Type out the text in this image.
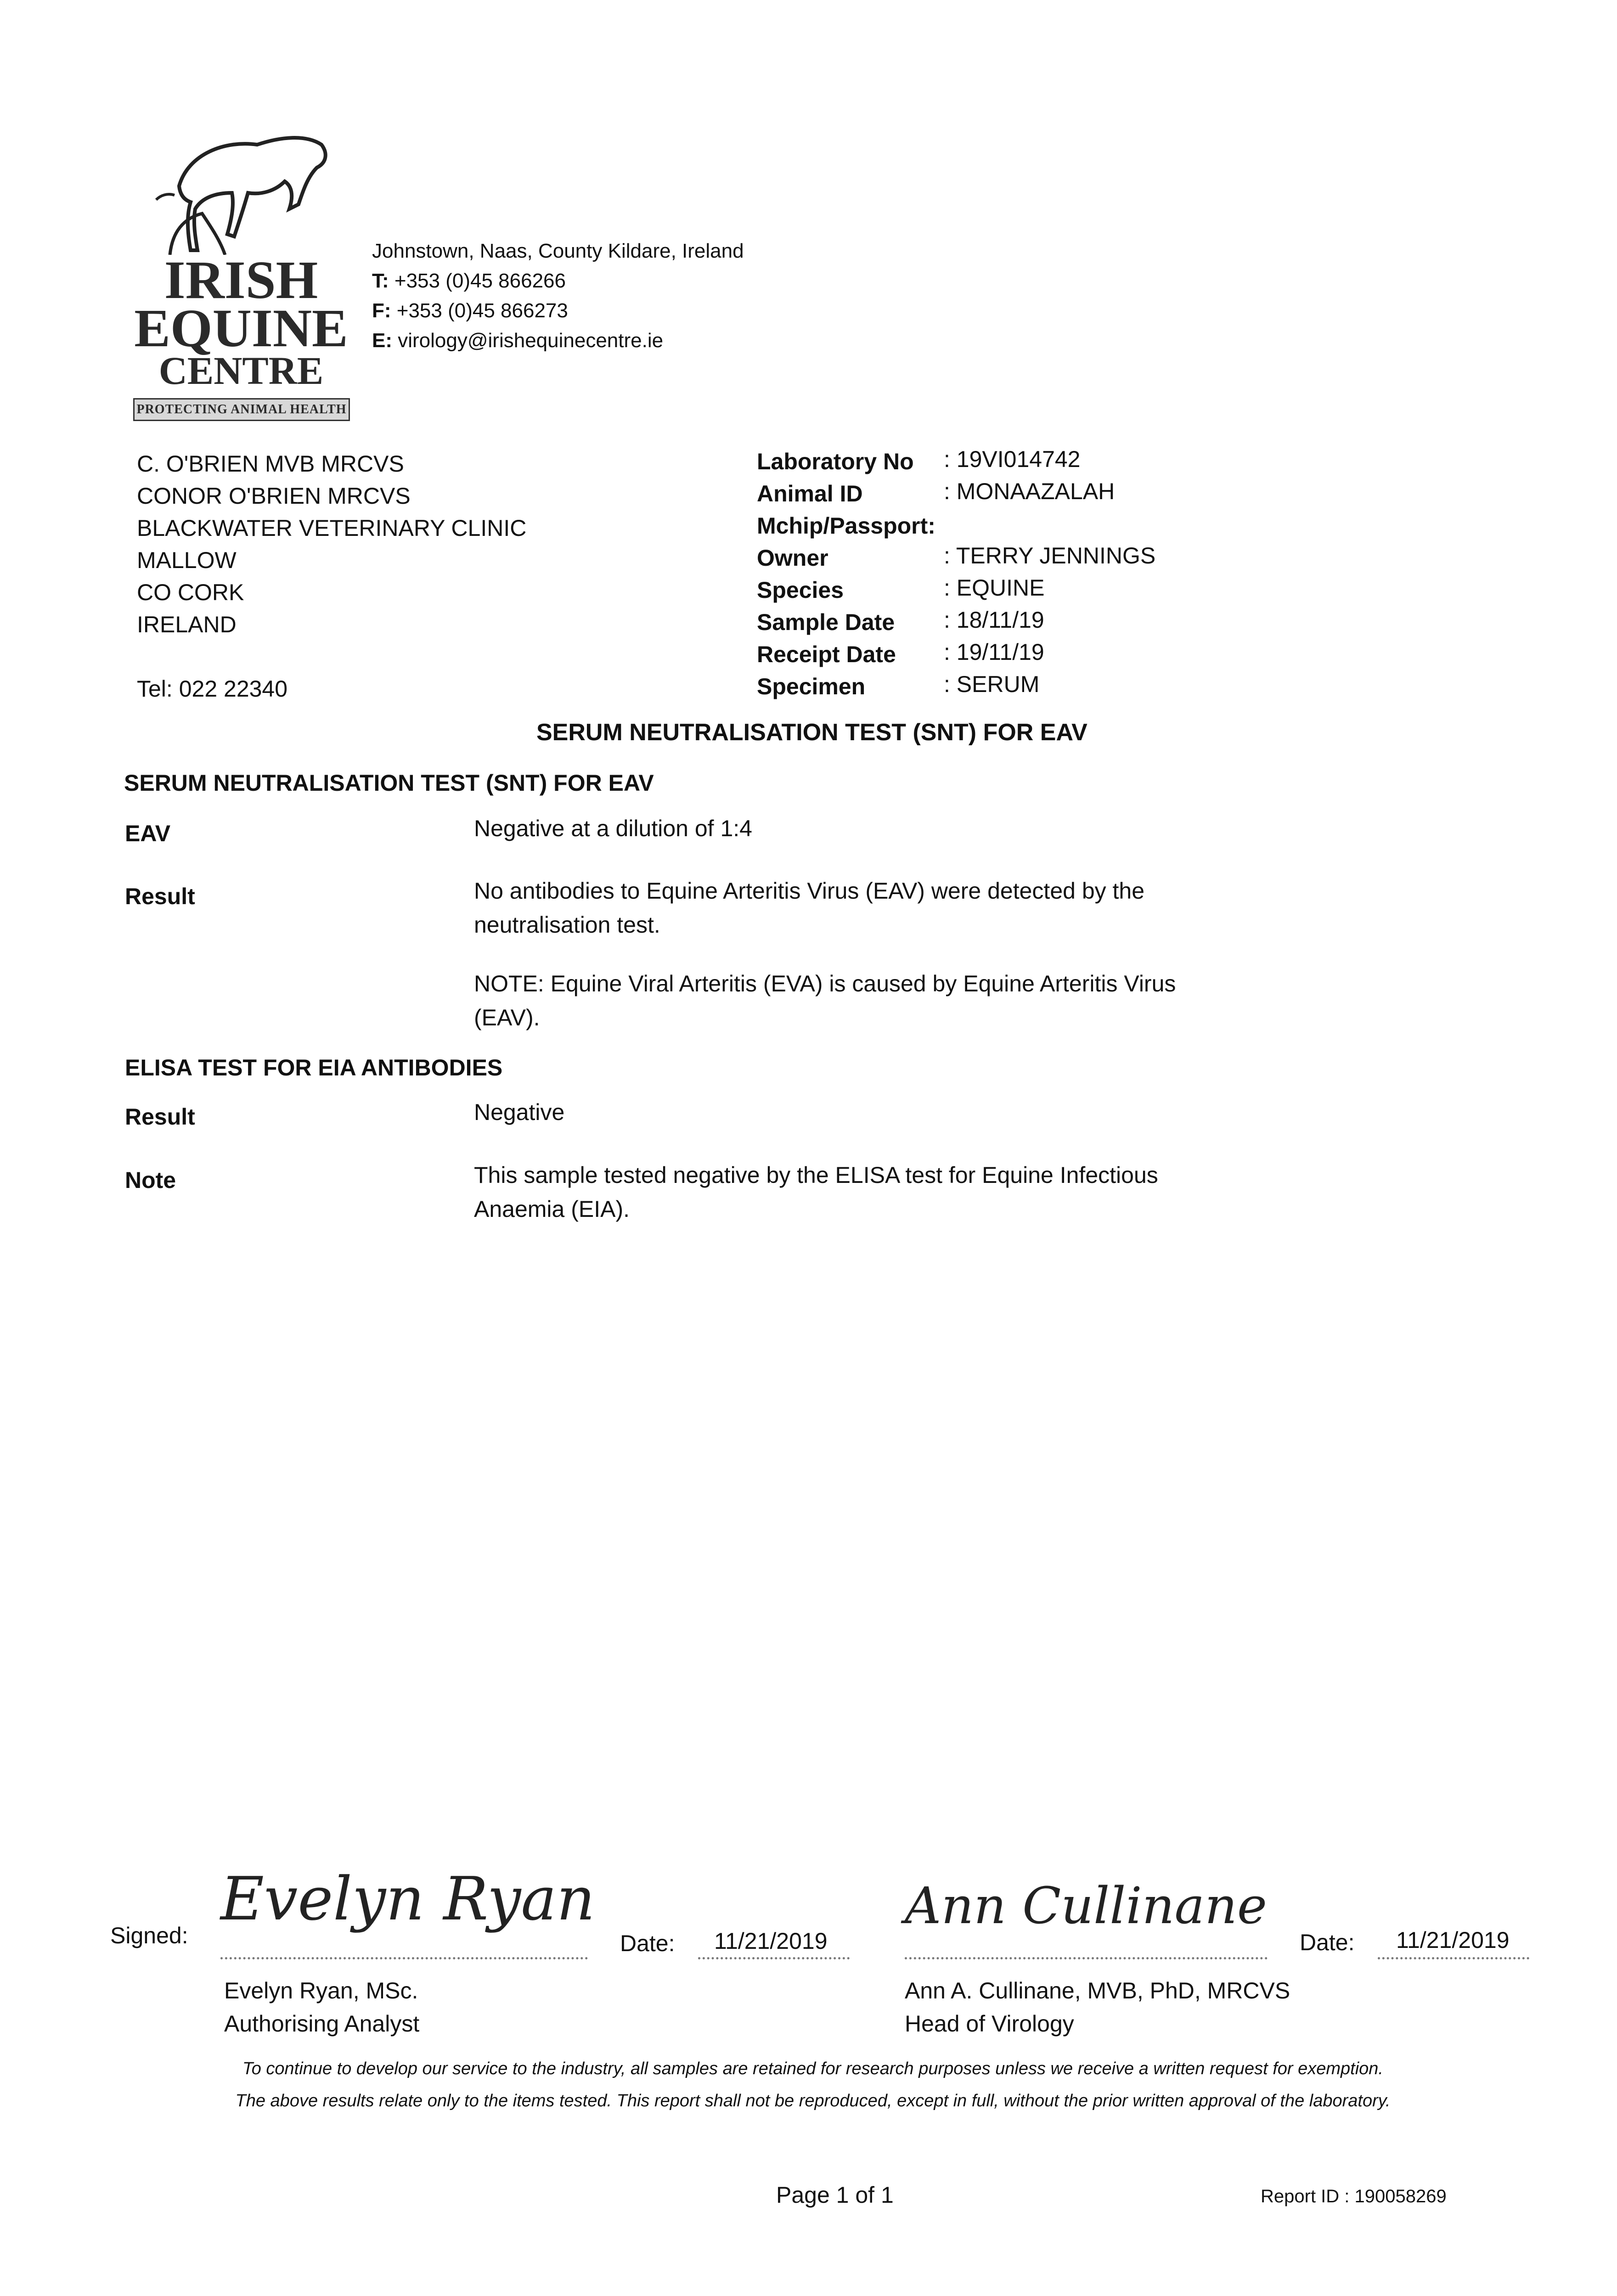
IRISH
EQUINE
CENTRE
PROTECTING ANIMAL HEALTH
Johnstown, Naas, County Kildare, Ireland
T: +353 (0)45 866266
F: +353 (0)45 866273
E: virology@irishequinecentre.ie
C. O'BRIEN MVB MRCVS
CONOR O'BRIEN MRCVS
BLACKWATER VETERINARY CLINIC
MALLOW
CO CORK
IRELAND
Tel: 022 22340
Laboratory No : 19VI014742
Animal ID	: MONAAZALAH
Mchip/Passport:
Owner	: TERRY JENNINGS
Species	: EQUINE
Sample Date : 18/11/19
Receipt Date : 19/11/19
Specimen	: SERUM
SERUM NEUTRALISATION TEST (SNT) FOR EAV
SERUM NEUTRALISATION TEST (SNT) FOR EAV
EAV	Negative at a dilution of 1:4
Result	No antibodies to Equine Arteritis Virus (EAV) were detected by the neutralisation test.
NOTE: Equine Viral Arteritis (EVA) is caused by Equine Arteritis Virus (EAV).
ELISA TEST FOR EIA ANTIBODIES
Result	Negative
Note	This sample tested negative by the ELISA test for Equine Infectious Anaemia (EIA).
Signed:
Evelyn Ryan
Date: 11/21/2019
Evelyn Ryan, MSc.
Authorising Analyst
Ann Cullinane
Date: 11/21/2019
Ann A. Cullinane, MVB, PhD, MRCVS
Head of Virology
To continue to develop our service to the industry, all samples are retained for research purposes unless we receive a written request for exemption.
The above results relate only to the items tested. This report shall not be reproduced, except in full, without the prior written approval of the laboratory.
Page 1 of 1	Report ID : 190058269
